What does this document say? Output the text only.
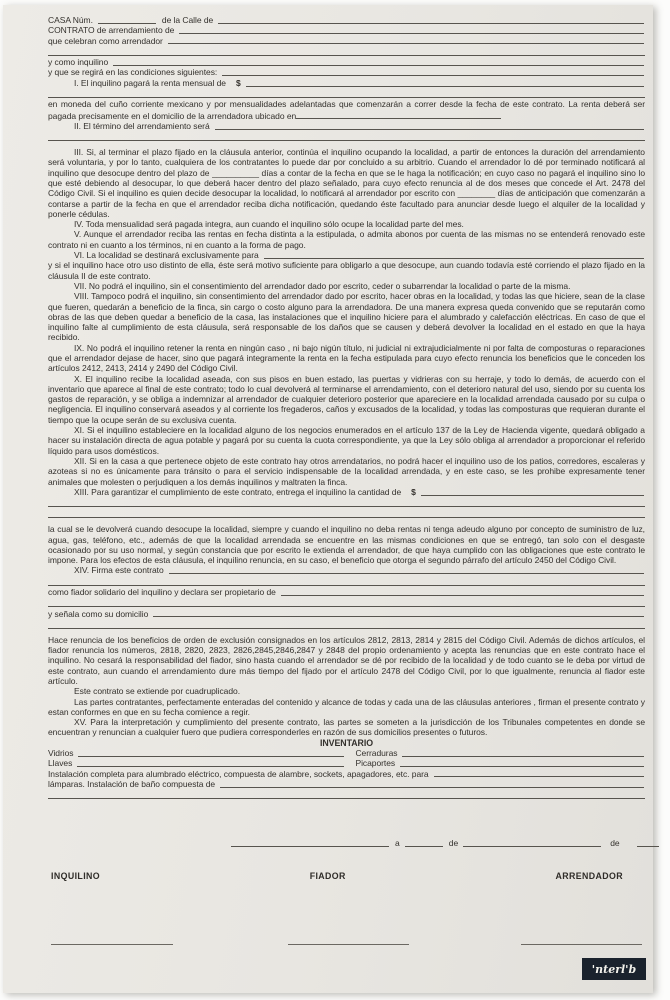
CASA Núm.	de la Calle de
CONTRATO de arrendamiento de
que celebran como arrendador
y como inquilino
y que se regirá en las condiciones siguientes:
I. El inquilino pagará la renta mensual de $

en moneda del cuño corriente mexicano y por mensualidades adelantadas que comenzarán a correr desde la fecha de este contrato. La renta deberá ser pagada precisamente en el domicilio de la arrendadora ubicado en

II. El término del arrendamiento será

III. Si, al terminar el plazo fijado en la cláusula anterior, continúa el inquilino ocupando la localidad, a partir de entonces la duración del arrendamiento será voluntaria, y por lo tanto, cualquiera de los contratantes lo puede dar por concluido a su arbitrio. Cuando el arrendador lo dé por terminado notificará al inquilino que desocupe dentro del plazo de __________ días a contar de la fecha en que se le haga la notificación; en cuyo caso no pagará el inquilino sino lo que esté debiendo al desocupar, lo que deberá hacer dentro del plazo señalado, para cuyo efecto renuncia al de dos meses que concede el Art. 2478 del Código Civil. Si el inquilino es quien decide desocupar la localidad, lo notificará al arrendador por escrito con ________ días de anticipación que comenzarán a contarse a partir de la fecha en que el arrendador reciba dicha notificación, quedando éste facultado para anunciar desde luego el alquiler de la localidad y ponerle cédulas.

IV. Toda mensualidad será pagada integra, aun cuando el inquilino sólo ocupe la localidad parte del mes.

V. Aunque el arrendador reciba las rentas en fecha distinta a la estipulada, o admita abonos por cuenta de las mismas no se entenderá renovado este contrato ni en cuanto a los términos, ni en cuanto a la forma de pago.

VI. La localidad se destinará exclusivamente para

y si el inquilino hace otro uso distinto de ella, éste será motivo suficiente para obligarlo a que desocupe, aun cuando todavía esté corriendo el plazo fijado en la cláusula II de este contrato.

VII. No podrá el inquilino, sin el consentimiento del arrendador dado por escrito, ceder o subarrendar la localidad o parte de la misma.

VIII. Tampoco podrá el inquilino, sin consentimiento del arrendador dado por escrito, hacer obras en la localidad, y todas las que hiciere, sean de la clase que fueren, quedarán a beneficio de la finca, sin cargo o costo alguno para la arrendadora. De una manera expresa queda convenido que se reputarán como obras de las que deben quedar a beneficio de la casa, las instalaciones que el inquilino hiciere para el alumbrado y calefacción eléctricas. En caso de que el inquilino falte al cumplimiento de esta cláusula, será responsable de los daños que se causen y deberá devolver la localidad en el estado en que la haya recibido.

IX. No podrá el inquilino retener la renta en ningún caso , ni bajo nigún título, ni judicial ni extrajudicialmente ni por falta de composturas o reparaciones que el arrendador dejase de hacer, sino que pagará integramente la renta en la fecha estipulada para cuyo efecto renuncia los beneficios que le conceden los artículos 2412, 2413, 2414 y 2490 del Código Civil.

X. El inquilino recibe la localidad aseada, con sus pisos en buen estado, las puertas y vidrieras con su herraje, y todo lo demás, de acuerdo con el inventario que aparece al final de este contrato; todo lo cual devolverá al terminarse el arrendamiento, con el deterioro natural del uso, siendo por su cuenta los gastos de reparación, y se obliga a indemnizar al arrendador de cualquier deterioro posterior que apareciere en la localidad arrendada causado por su culpa o negligencia. El inquilino conservará aseados y al corriente los fregaderos, caños y excusados de la localidad, y todas las composturas que requieran durante el tiempo que la ocupe serán de su exclusiva cuenta.

XI. Si el inquilino estableciere en la localidad alguno de los negocios enumerados en el artículo 137 de la Ley de Hacienda vigente, quedará obligado a hacer su instalación directa de agua potable y pagará por su cuenta la cuota correspondiente, ya que la Ley sólo obliga al arrendador a proporcionar el referido líquido para usos domésticos.

XII. Si en la casa a que pertenece objeto de este contrato hay otros arrendatarios, no podrá hacer el inquilino uso de los patios, corredores, escaleras y azoteas si no es únicamente para tránsito o para el servicio indispensable de la localidad arrendada, y en este caso, se les prohibe expresamente tener animales que molesten o perjudiquen a los demás inquilinos y maltraten la finca.

XIII. Para garantizar el cumplimiento de este contrato, entrega el inquilino la cantidad de $

la cual se le devolverá cuando desocupe la localidad, siempre y cuando el inquilino no deba rentas ni tenga adeudo alguno por concepto de suministro de luz, agua, gas, teléfono, etc., además de que la localidad arrendada se encuentre en las mismas condiciones en que se entregó, tan solo con el desgaste ocasionado por su uso normal, y según constancia que por escrito le extienda el arrendador, de que haya cumplido con las obligaciones que este contrato le impone. Para los efectos de esta cláusula, el inquilino renuncia, en su caso, el beneficio que otorga el segundo párrafo del artículo 2450 del Código Civil.

XIV. Firma este contrato
como fiador solidario del inquilino y declara ser propietario de
y señala como su domicilio

Hace renuncia de los beneficios de orden de exclusión consignados en los artículos 2812, 2813, 2814 y 2815 del Código Civil. Además de dichos artículos, el fiador renuncia los números, 2818, 2820, 2823, 2826,2845,2846,2847 y 2848 del propio ordenamiento y acepta las renuncias que en este contrato hace el inquilino. No cesará la responsabilidad del fiador, sino hasta cuando el arrendador se dé por recibido de la localidad y de todo cuanto se le deba por virtud de este contrato, aun cuando el arrendamiento dure más tiempo del fijado por el artículo 2478 del Código Civil, por lo que igualmente, renuncia al fiador este artículo.

Este contrato se extiende por cuadruplicado.

Las partes contratantes, perfectamente enteradas del contenido y alcance de todas y cada una de las cláusulas anteriores , firman el presente contrato y estan conformes en que en su fecha comience a regir.

XV. Para la interpretación y cumplimiento del presente contrato, las partes se someten a la jurisdicción de los Tribunales competentes en donde se encuentran y renuncian a cualquier fuero que pudiera corresponderles en razón de sus domicilios presentes o futuros.

INVENTARIO

Vidrios	Cerraduras
Llaves	Picaportes
Instalación completa para alumbrado eléctrico, compuesta de alambre, sockets, apagadores, etc. para
lámparas. Instalación de baño compuesta de
a	de	de
INQUILINO	FIADOR	ARRENDADOR
'nterl'b
